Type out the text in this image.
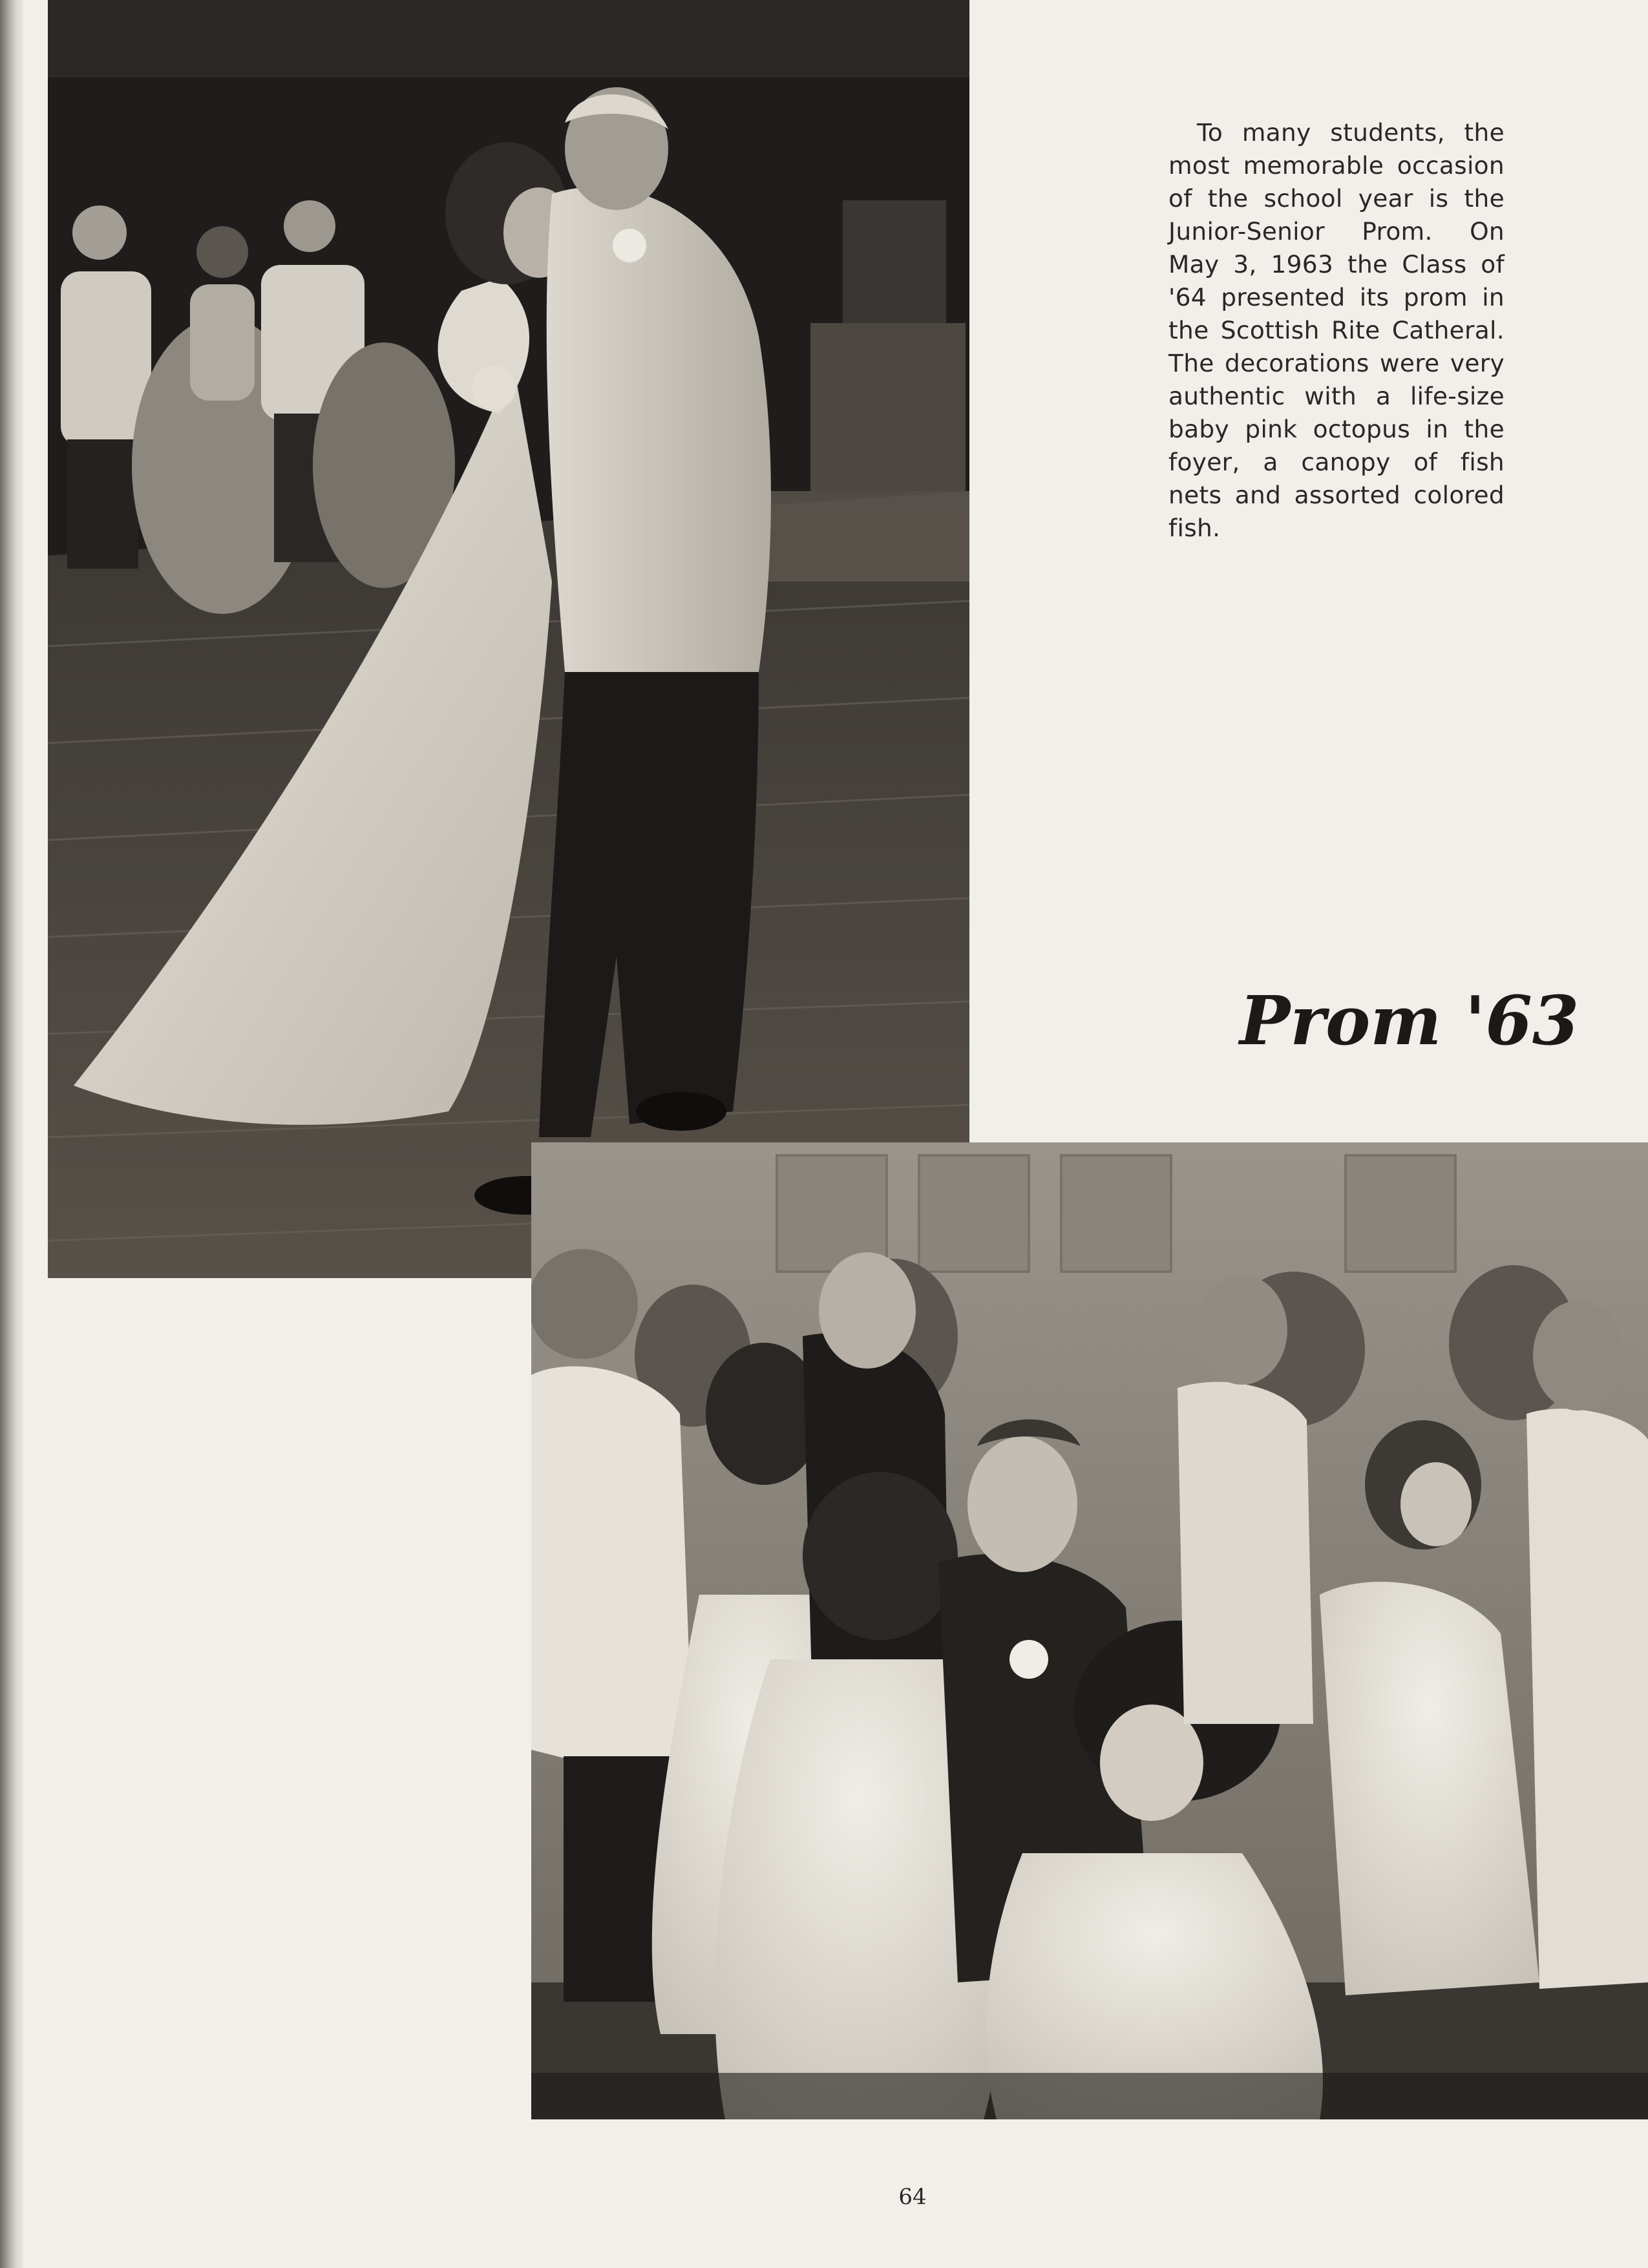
To many students, the most memorable occasion of the school year is the Junior-Senior Prom. On May 3, 1963 the Class of '64 presented its prom in the Scottish Rite Catheral. The decorations were very authentic with a life-size baby pink octopus in the foyer, a canopy of fish nets and assorted colored fish.

Prom '63
64
